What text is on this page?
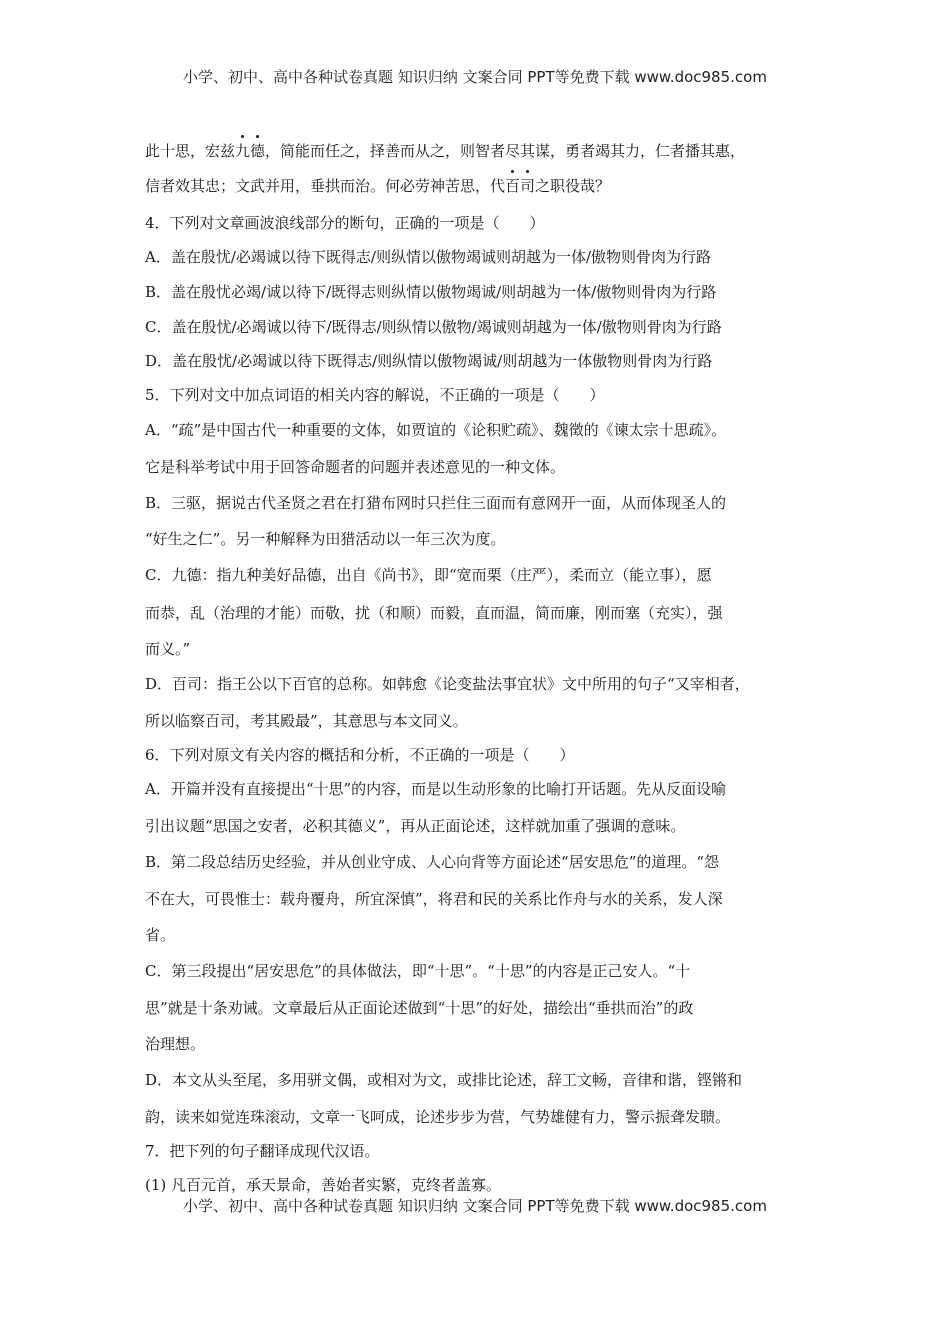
小学、初中、高中各种试卷真题 知识归纳 文案合同 PPT等免费下载 www.doc985.com
此十思，宏兹九德，简能而任之，择善而从之，则智者尽其谋，勇者竭其力，仁者播其惠，
信者效其忠；文武并用，垂拱而治。何必劳神苦思，代百司之职役哉？
4．下列对文章画波浪线部分的断句，正确的一项是（　　）
A．盖在殷忧/必竭诚以待下既得志/则纵情以傲物竭诚则胡越为一体/傲物则骨肉为行路
B．盖在殷忧必竭/诚以待下/既得志则纵情以傲物竭诚/则胡越为一体/傲物则骨肉为行路
C．盖在殷忧/必竭诚以待下/既得志/则纵情以傲物/竭诚则胡越为一体/傲物则骨肉为行路
D．盖在殷忧/必竭诚以待下既得志/则纵情以傲物竭诚/则胡越为一体傲物则骨肉为行路
5．下列对文中加点词语的相关内容的解说，不正确的一项是（　　）
A．“疏”是中国古代一种重要的文体，如贾谊的《论积贮疏》、魏徵的《谏太宗十思疏》。
它是科举考试中用于回答命题者的问题并表述意见的一种文体。
B．三驱，据说古代圣贤之君在打猎布网时只拦住三面而有意网开一面，从而体现圣人的
“好生之仁”。另一种解释为田猎活动以一年三次为度。
C．九德：指九种美好品德，出自《尚书》，即“宽而栗（庄严），柔而立（能立事），愿
而恭，乱（治理的才能）而敬，扰（和顺）而毅，直而温，简而廉，刚而塞（充实），强
而义。”
D．百司：指王公以下百官的总称。如韩愈《论变盐法事宜状》文中所用的句子“又宰相者，
所以临察百司，考其殿最”，其意思与本文同义。
6．下列对原文有关内容的概括和分析，不正确的一项是（　　）
A．开篇并没有直接提出“十思”的内容，而是以生动形象的比喻打开话题。先从反面设喻
引出议题“思国之安者，必积其德义”，再从正面论述，这样就加重了强调的意味。
B．第二段总结历史经验，并从创业守成、人心向背等方面论述“居安思危”的道理。“怨
不在大，可畏惟士：载舟覆舟，所宜深慎”，将君和民的关系比作舟与水的关系，发人深
省。
C．第三段提出“居安思危”的具体做法，即“十思”。“十思”的内容是正己安人。“十
思”就是十条劝诫。文章最后从正面论述做到“十思”的好处，描绘出“垂拱而治”的政
治理想。
D．本文从头至尾，多用骈文偶，或相对为文，或排比论述，辞工文畅，音律和谐，铿锵和
韵，读来如觉连珠滚动，文章一飞呵成，论述步步为营，气势雄健有力，警示振聋发聩。
7．把下列的句子翻译成现代汉语。
(1) 凡百元首，承天景命，善始者实繁，克终者盖寡。
小学、初中、高中各种试卷真题 知识归纳 文案合同 PPT等免费下载 www.doc985.com
